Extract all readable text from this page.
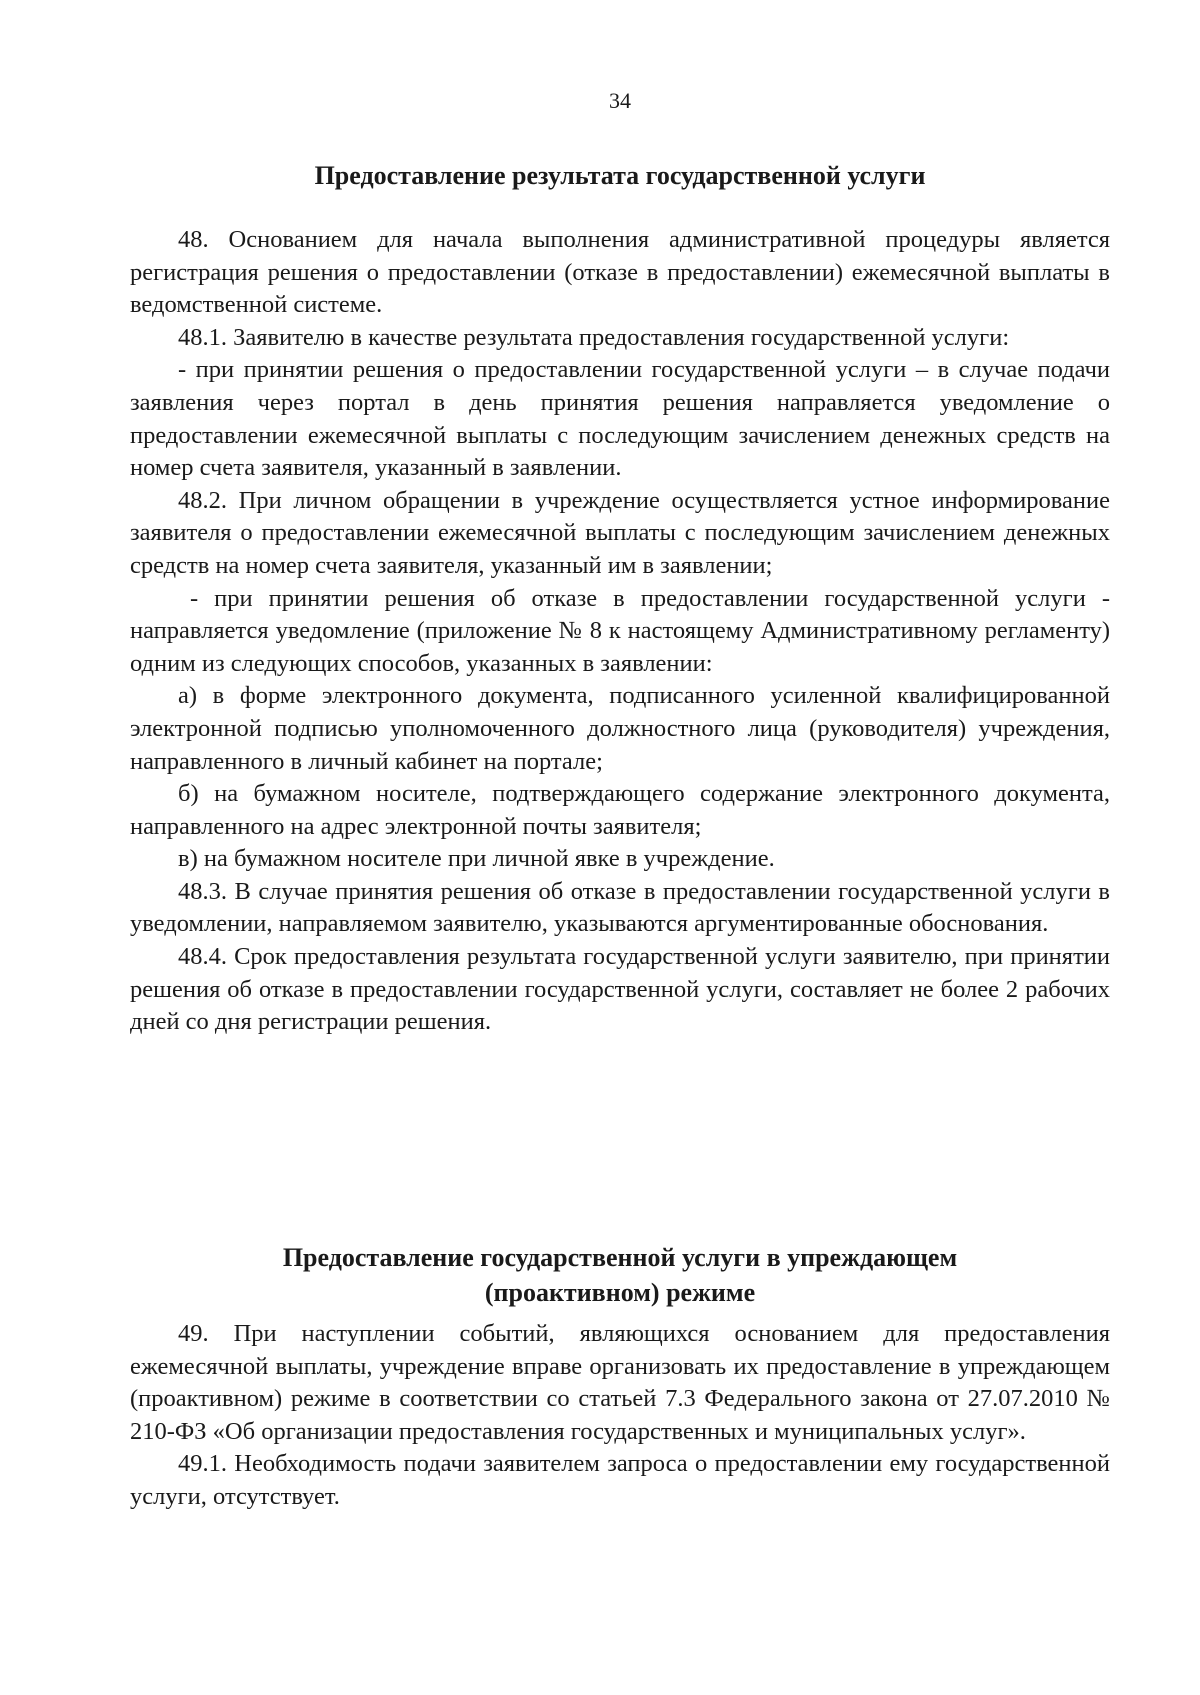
34
Предоставление результата государственной услуги

48. Основанием для начала выполнения административной процедуры является регистрация решения о предоставлении (отказе в предоставлении) ежемесячной выплаты в ведомственной системе.

48.1. Заявителю в качестве результата предоставления государственной услуги:

- при принятии решения о предоставлении государственной услуги – в случае подачи заявления через портал в день принятия решения направляется уведомление о предоставлении ежемесячной выплаты с последующим зачислением денежных средств на номер счета заявителя, указанный в заявлении.

48.2. При личном обращении в учреждение осуществляется устное информирование заявителя о предоставлении ежемесячной выплаты с последующим зачислением денежных средств на номер счета заявителя, указанный им в заявлении;

- при принятии решения об отказе в предоставлении государственной услуги - направляется уведомление (приложение № 8 к настоящему Административному регламенту) одним из следующих способов, указанных в заявлении:

а) в форме электронного документа, подписанного усиленной квалифицированной электронной подписью уполномоченного должностного лица (руководителя) учреждения, направленного в личный кабинет на портале;

б) на бумажном носителе, подтверждающего содержание электронного документа, направленного на адрес электронной почты заявителя;

в) на бумажном носителе при личной явке в учреждение.

48.3. В случае принятия решения об отказе в предоставлении государственной услуги в уведомлении, направляемом заявителю, указываются аргументированные обоснования.

48.4. Срок предоставления результата государственной услуги заявителю, при принятии решения об отказе в предоставлении государственной услуги, составляет не более 2 рабочих дней со дня регистрации решения.

Предоставление государственной услуги в упреждающем
(проактивном) режиме

49. При наступлении событий, являющихся основанием для предоставления ежемесячной выплаты, учреждение вправе организовать их предоставление в упреждающем (проактивном) режиме в соответствии со статьей 7.3 Федерального закона от 27.07.2010 № 210-ФЗ «Об организации предоставления государственных и муниципальных услуг».

49.1. Необходимость подачи заявителем запроса о предоставлении ему государственной услуги, отсутствует.
